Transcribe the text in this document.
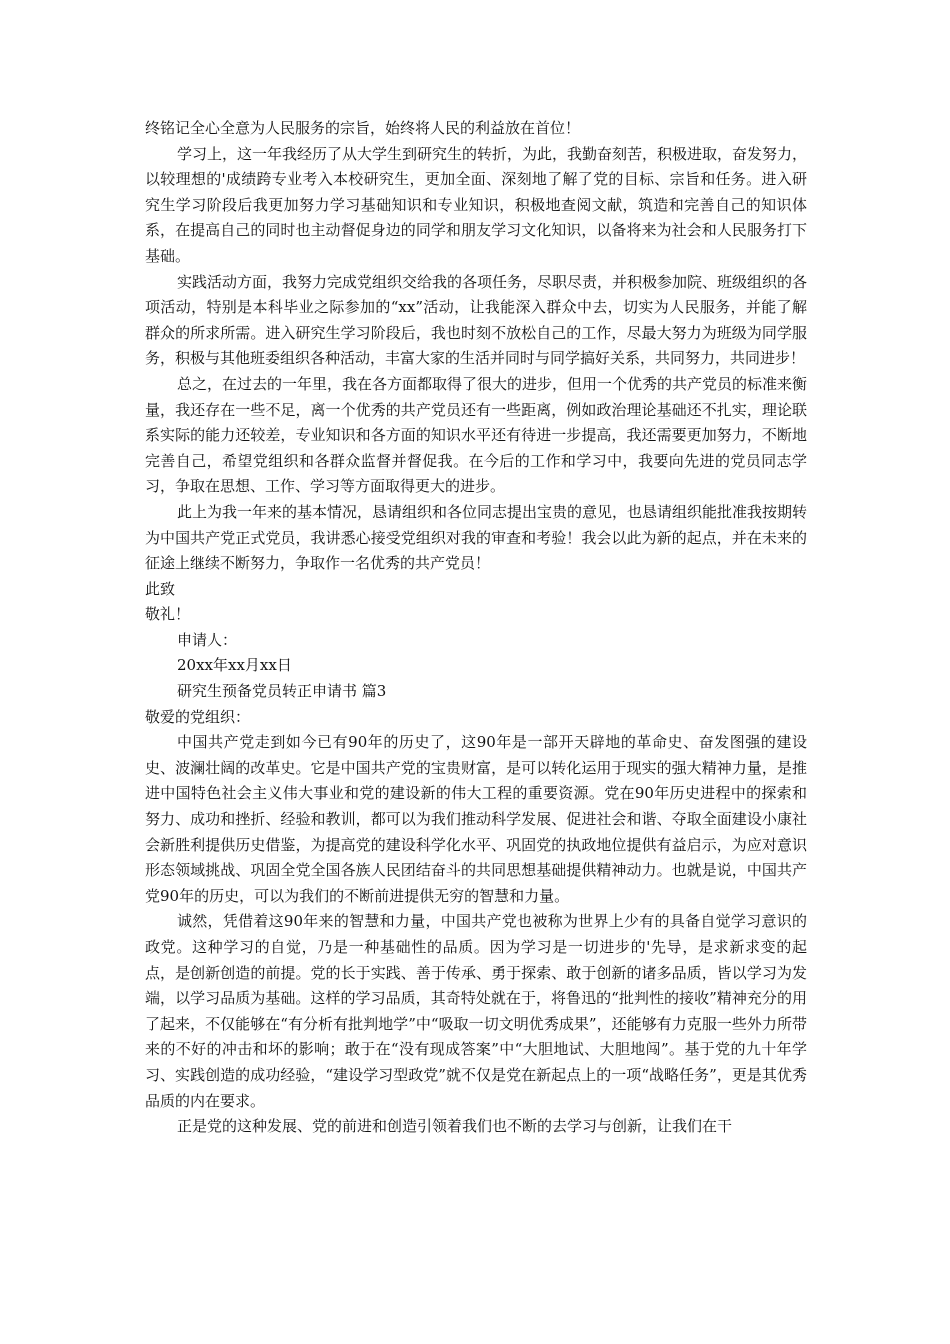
终铭记全心全意为人民服务的宗旨，始终将人民的利益放在首位！

学习上，这一年我经历了从大学生到研究生的转折，为此，我勤奋刻苦，积极进取，奋发努力，以较理想的'成绩跨专业考入本校研究生，更加全面、深刻地了解了党的目标、宗旨和任务。进入研究生学习阶段后我更加努力学习基础知识和专业知识，积极地查阅文献，筑造和完善自己的知识体系，在提高自己的同时也主动督促身边的同学和朋友学习文化知识，以备将来为社会和人民服务打下基础。

实践活动方面，我努力完成党组织交给我的各项任务，尽职尽责，并积极参加院、班级组织的各项活动，特别是本科毕业之际参加的“xx”活动，让我能深入群众中去，切实为人民服务，并能了解群众的所求所需。进入研究生学习阶段后，我也时刻不放松自己的工作，尽最大努力为班级为同学服务，积极与其他班委组织各种活动，丰富大家的生活并同时与同学搞好关系，共同努力，共同进步！

总之，在过去的一年里，我在各方面都取得了很大的进步，但用一个优秀的共产党员的标准来衡量，我还存在一些不足，离一个优秀的共产党员还有一些距离，例如政治理论基础还不扎实，理论联系实际的能力还较差，专业知识和各方面的知识水平还有待进一步提高，我还需要更加努力，不断地完善自己，希望党组织和各群众监督并督促我。在今后的工作和学习中，我要向先进的党员同志学习，争取在思想、工作、学习等方面取得更大的进步。

此上为我一年来的基本情况，恳请组织和各位同志提出宝贵的意见，也恳请组织能批准我按期转为中国共产党正式党员，我讲悉心接受党组织对我的审查和考验！我会以此为新的起点，并在未来的征途上继续不断努力，争取作一名优秀的共产党员！

此致

敬礼！

申请人：

20xx年xx月xx日

研究生预备党员转正申请书 篇3

敬爱的党组织：

中国共产党走到如今已有90年的历史了，这90年是一部开天辟地的革命史、奋发图强的建设史、波澜壮阔的改革史。它是中国共产党的宝贵财富，是可以转化运用于现实的强大精神力量，是推进中国特色社会主义伟大事业和党的建设新的伟大工程的重要资源。党在90年历史进程中的探索和努力、成功和挫折、经验和教训，都可以为我们推动科学发展、促进社会和谐、夺取全面建设小康社会新胜利提供历史借鉴，为提高党的建设科学化水平、巩固党的执政地位提供有益启示，为应对意识形态领域挑战、巩固全党全国各族人民团结奋斗的共同思想基础提供精神动力。也就是说，中国共产党90年的历史，可以为我们的不断前进提供无穷的智慧和力量。

诚然，凭借着这90年来的智慧和力量，中国共产党也被称为世界上少有的具备自觉学习意识的政党。这种学习的自觉，乃是一种基础性的品质。因为学习是一切进步的'先导，是求新求变的起点，是创新创造的前提。党的长于实践、善于传承、勇于探索、敢于创新的诸多品质，皆以学习为发端，以学习品质为基础。这样的学习品质，其奇特处就在于，将鲁迅的“批判性的接收”精神充分的用了起来，不仅能够在“有分析有批判地学”中“吸取一切文明优秀成果”，还能够有力克服一些外力所带来的不好的冲击和坏的影响；敢于在“没有现成答案”中“大胆地试、大胆地闯”。基于党的九十年学习、实践创造的成功经验，“建设学习型政党”就不仅是党在新起点上的一项“战略任务”，更是其优秀品质的内在要求。

正是党的这种发展、党的前进和创造引领着我们也不断的去学习与创新，让我们在干
